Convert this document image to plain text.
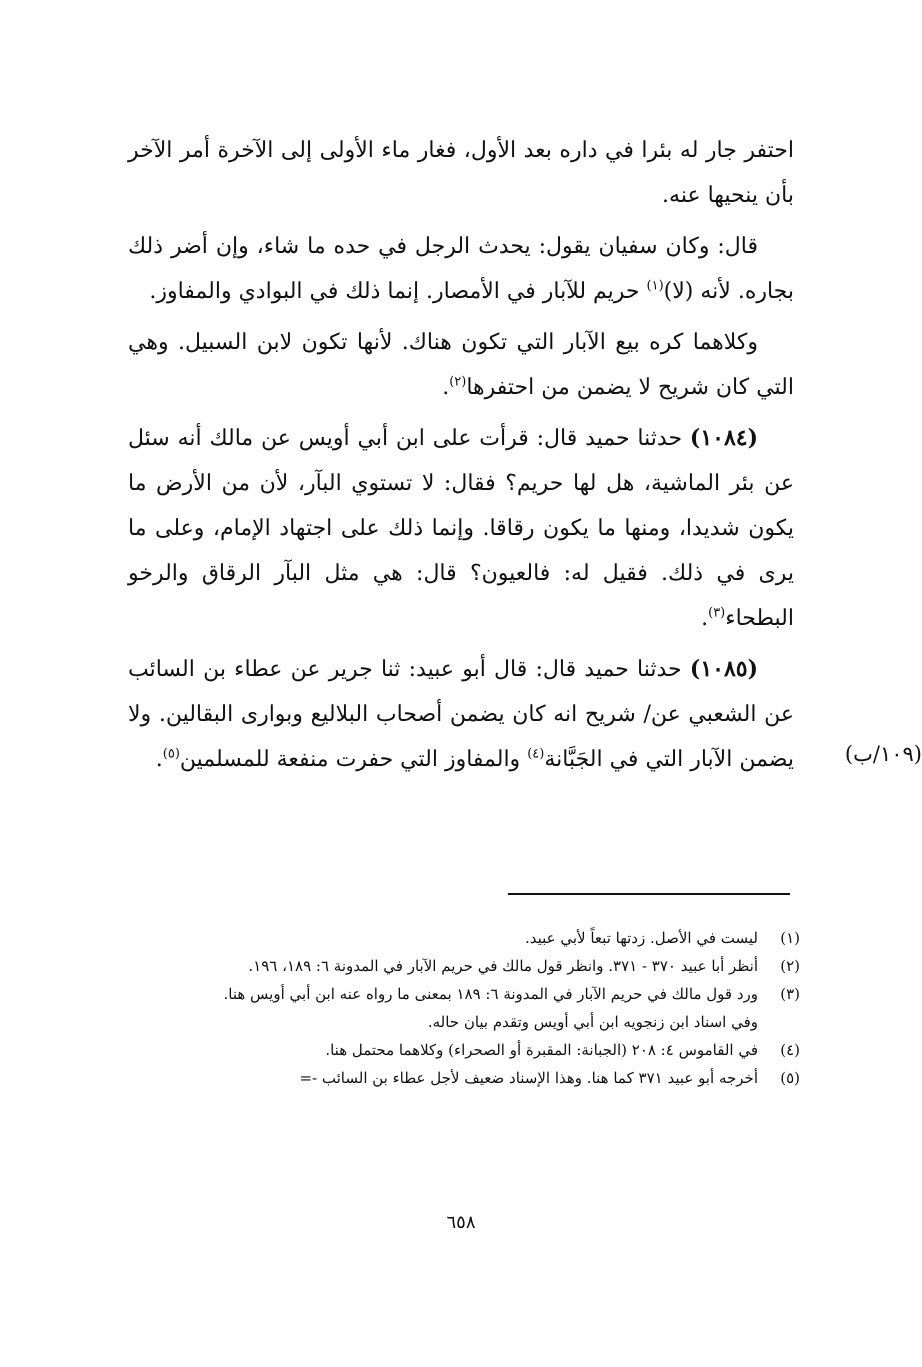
احتفر جار له بئرا في داره بعد الأول، فغار ماء الأولى إلى الآخرة أمر الآخر بأن ينحيها عنه.

قال: وكان سفيان يقول: يحدث الرجل في حده ما شاء، وإن أضر ذلك بجاره. لأنه (لا)$^{(١)}$ حريم للآبار في الأمصار. إنما ذلك في البوادي والمفاوز.

وكلاهما كره بيع الآبار التي تكون هناك. لأنها تكون لابن السبيل. وهي التي كان شريح لا يضمن من احتفرها$^{(٢)}$.

(١٠٨٤) حدثنا حميد قال: قرأت على ابن أبي أويس عن مالك أنه سئل عن بئر الماشية، هل لها حريم؟ فقال: لا تستوي البآر، لأن من الأرض ما يكون شديدا، ومنها ما يكون رقاقا. وإنما ذلك على اجتهاد الإمام، وعلى ما يرى في ذلك. فقيل له: فالعيون؟ قال: هي مثل البآر الرقاق والرخو البطحاء$^{(٣)}$.

(١٠٨٥) حدثنا حميد قال: قال أبو عبيد: ثنا جرير عن عطاء بن السائب عن الشعبي عن/ شريح انه كان يضمن أصحاب البلاليع وبوارى البقالين. ولا يضمن الآبار التي في الجَبَّانة$^{(٤)}$ والمفاوز التي حفرت منفعة للمسلمين$^{(٥)}$.	(١٠٩/ب)
(١)
ليست في الأصل. زدتها تبعاً لأبي عبيد.
(٢)
أنظر أبا عبيد ٣٧٠ - ٣٧١. وانظر قول مالك في حريم الآبار في المدونة ٦: ١٨٩، ١٩٦.
(٣)
ورد قول مالك في حريم الآبار في المدونة ٦: ١٨٩ بمعنى ما رواه عنه ابن أبي أويس هنا.
وفي اسناد ابن زنجويه ابن أبي أويس وتقدم بيان حاله.
(٤)
في القاموس ٤: ٢٠٨ (الجبانة: المقبرة أو الصحراء) وكلاهما محتمل هنا.
(٥)
أخرجه أبو عبيد ٣٧١ كما هنا. وهذا الإسناد ضعيف لأجل عطاء بن السائب -=
٦٥٨
